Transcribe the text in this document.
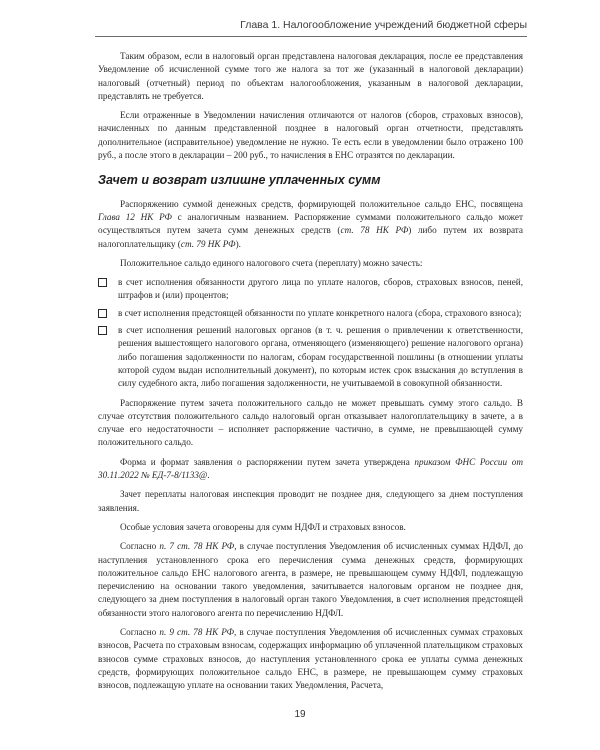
Глава 1. Налогообложение учреждений бюджетной сферы

Таким образом, если в налоговый орган представлена налоговая декларация, после ее представления Уведомление об исчисленной сумме того же налога за тот же (указанный в налоговой декларации) налоговый (отчетный) период по объектам налогообложения, указанным в налоговой декларации, представлять не требуется.

Если отраженные в Уведомлении начисления отличаются от налогов (сборов, страховых взносов), начисленных по данным представленной позднее в налоговый орган отчетности, представлять дополнительное (исправительное) уведомление не нужно. Те есть если в уведомлении было отражено 100 руб., а после этого в декларации – 200 руб., то начисления в ЕНС отразятся по декларации.

Зачет и возврат излишне уплаченных сумм

Распоряжению суммой денежных средств, формирующей положительное сальдо ЕНС, посвящена Глава 12 НК РФ с аналогичным названием. Распоряжение суммами положительного сальдо может осуществляться путем зачета сумм денежных средств (ст. 78 НК РФ) либо путем их возврата налогоплательщику (ст. 79 НК РФ).

Положительное сальдо единого налогового счета (переплату) можно зачесть:

в счет исполнения обязанности другого лица по уплате налогов, сборов, страховых взносов, пеней, штрафов и (или) процентов;
в счет исполнения предстоящей обязанности по уплате конкретного налога (сбора, страхового взноса);
в счет исполнения решений налоговых органов (в т. ч. решения о привлечении к ответственности, решения вышестоящего налогового органа, отменяющего (изменяющего) решение налогового органа) либо погашения задолженности по налогам, сборам государственной пошлины (в отношении уплаты которой судом выдан исполнительный документ), по которым истек срок взыскания до вступления в силу судебного акта, либо погашения задолженности, не учитываемой в совокупной обязанности.

Распоряжение путем зачета положительного сальдо не может превышать сумму этого сальдо. В случае отсутствия положительного сальдо налоговый орган отказывает налогоплательщику в зачете, а в случае его недостаточности – исполняет распоряжение частично, в сумме, не превышающей сумму положительного сальдо.

Форма и формат заявления о распоряжении путем зачета утверждена приказом ФНС России от 30.11.2022 № ЕД-7-8/1133@.

Зачет переплаты налоговая инспекция проводит не позднее дня, следующего за днем поступления заявления.

Особые условия зачета оговорены для сумм НДФЛ и страховых взносов.

Согласно п. 7 ст. 78 НК РФ, в случае поступления Уведомления об исчисленных суммах НДФЛ, до наступления установленного срока его перечисления сумма денежных средств, формирующих положительное сальдо ЕНС налогового агента, в размере, не превышающем сумму НДФЛ, подлежащую перечислению на основании такого уведомления, зачитывается налоговым органом не позднее дня, следующего за днем поступления в налоговый орган такого Уведомления, в счет исполнения предстоящей обязанности этого налогового агента по перечислению НДФЛ.

Согласно п. 9 ст. 78 НК РФ, в случае поступления Уведомления об исчисленных суммах страховых взносов, Расчета по страховым взносам, содержащих информацию об уплаченной плательщиком страховых взносов сумме страховых взносов, до наступления установленного срока ее уплаты сумма денежных средств, формирующих положительное сальдо ЕНС, в размере, не превышающем сумму страховых взносов, подлежащую уплате на основании таких Уведомления, Расчета,

19
